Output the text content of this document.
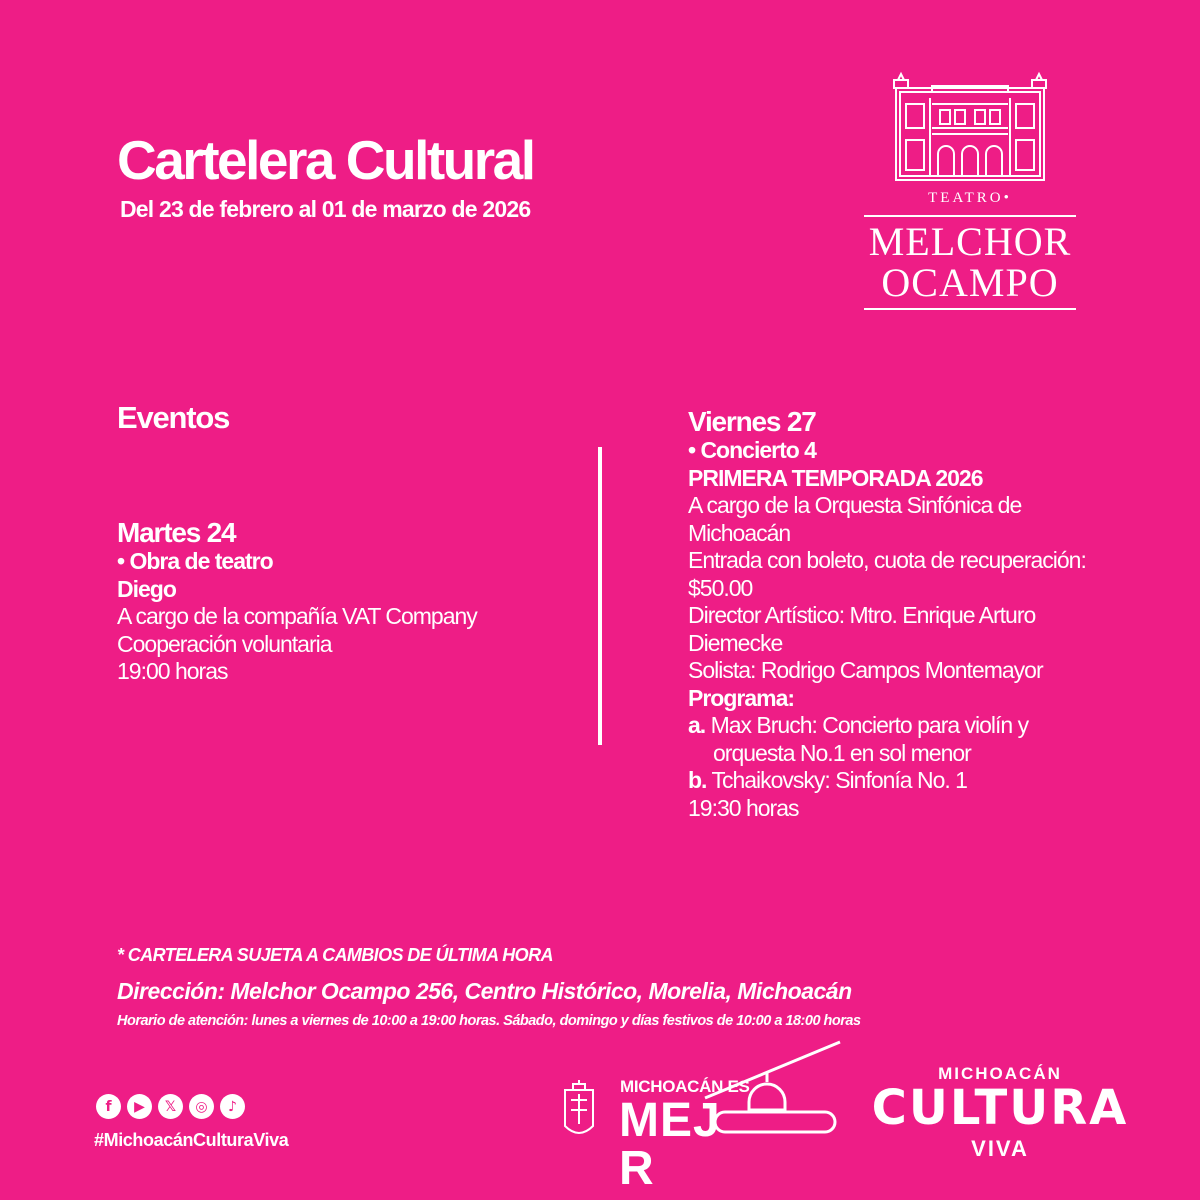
Cartelera Cultural

Del 23 de febrero al 01 de marzo de 2026	TEATRO•
MELCHOR
OCAMPO
Eventos
Martes 24
• Obra de teatro
Diego
A cargo de la compañía VAT Company
Cooperación voluntaria
19:00 horas
Viernes 27
• Concierto 4
PRIMERA TEMPORADA 2026
A cargo de la Orquesta Sinfónica de Michoacán
Entrada con boleto, cuota de recuperación: $50.00
Director Artístico: Mtro. Enrique Arturo Diemecke
Solista: Rodrigo Campos Montemayor
Programa:
a. Max Bruch: Concierto para violín y orquesta No.1 en sol menor
b. Tchaikovsky: Sinfonía No. 1
19:30 horas
* CARTELERA SUJETA A CAMBIOS DE ÚLTIMA HORA
Dirección: Melchor Ocampo 256, Centro Histórico, Morelia, Michoacán
Horario de atención: lunes a viernes de 10:00 a 19:00 horas. Sábado, domingo y días festivos de 10:00 a 18:00 horas
f	▶	𝕏	◎	♪
#MichoacánCulturaViva
MICHOACÁN ES
MEJR
MICHOACÁN
CULTURA
VIVA
